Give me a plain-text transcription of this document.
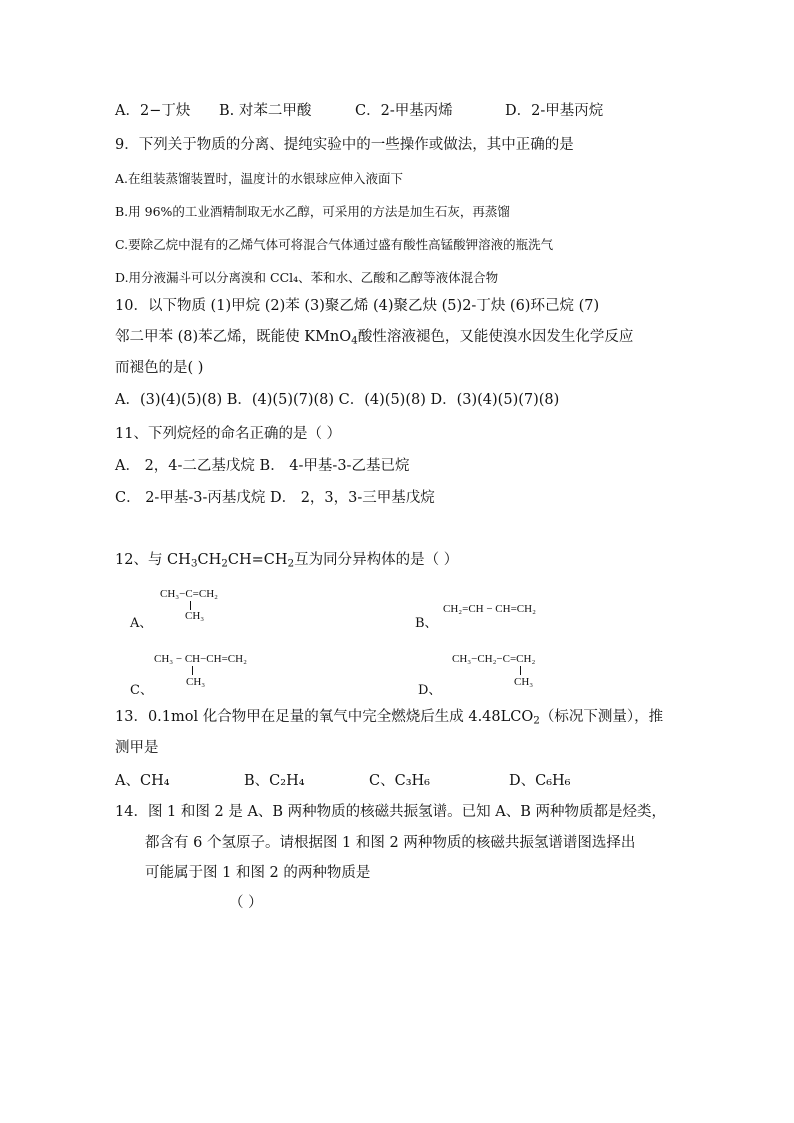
A．2−丁炔 B. 对苯二甲酸	C．2-甲基丙烯	D．2-甲基丙烷
9．下列关于物质的分离、提纯实验中的一些操作或做法，其中正确的是
A.在组装蒸馏装置时，温度计的水银球应伸入液面下
B.用 96%的工业酒精制取无水乙醇，可采用的方法是加生石灰，再蒸馏
C.要除乙烷中混有的乙烯气体可将混合气体通过盛有酸性高锰酸钾溶液的瓶洗气
D.用分液漏斗可以分离溴和 CCl₄、苯和水、乙酸和乙醇等液体混合物
10．以下物质 (1)甲烷 (2)苯 (3)聚乙烯 (4)聚乙炔 (5)2-丁炔 (6)环己烷 (7)
邻二甲苯 (8)苯乙烯，既能使 KMnO$_4$酸性溶液褪色，又能使溴水因发生化学反应
而褪色的是( )
A．(3)(4)(5)(8) B．(4)(5)(7)(8) C．(4)(5)(8) D．(3)(4)(5)(7)(8)
11、下列烷烃的命名正确的是（ ）
A． 2，4-二乙基戊烷 B． 4-甲基-3-乙基已烷
C． 2-甲基-3-丙基戊烷 D． 2，3，3-三甲基戊烷
12、与 $CH_3CH_2CH=CH_2$互为同分异构体的是（ ）
CH₃−C=CH₂
CH₃
A、
CH₂=CH − CH=CH₂
B、
CH₃ − CH−CH=CH₂
CH₃
C、
CH₃−CH₂−C=CH₂
CH₃
D、
13．0.1mol 化合物甲在足量的氧气中完全燃烧后生成 $4.48LCO_2$（标况下测量），推
测甲是
A、CH₄	B、C₂H₄	C、C₃H₆	D、C₆H₆
14．图 1 和图 2 是 A、B 两种物质的核磁共振氢谱。已知 A、B 两种物质都是烃类，
都含有 6 个氢原子。请根据图 1 和图 2 两种物质的核磁共振氢谱谱图选择出
可能属于图 1 和图 2 的两种物质是
（ ）
